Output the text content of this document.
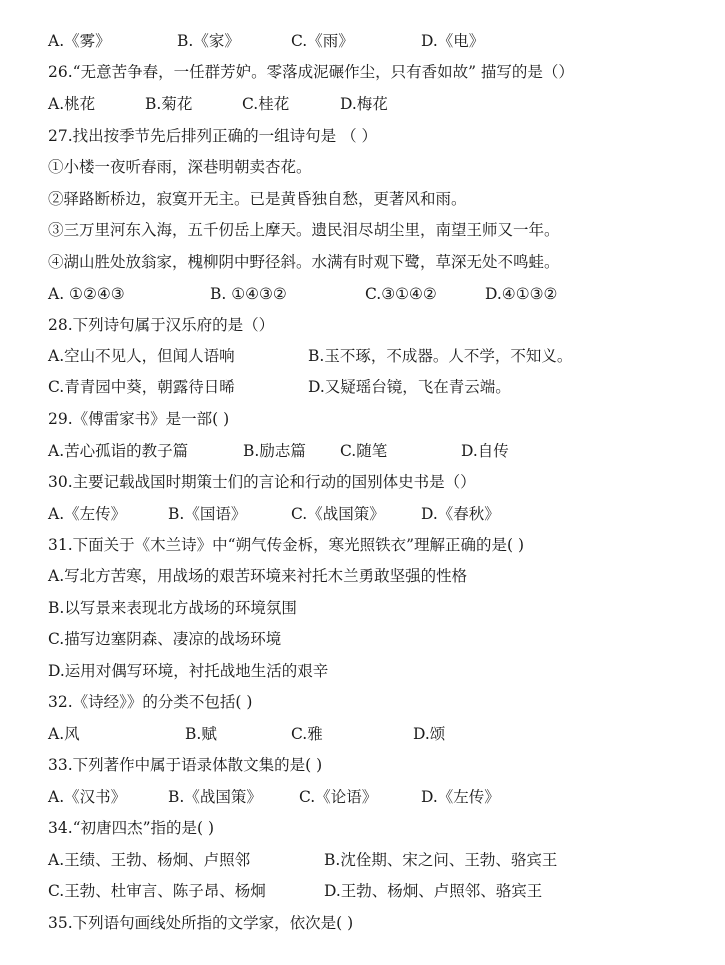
A.《雾》	B.《家》	C.《雨》	D.《电》
26.“无意苦争春，一任群芳妒。零落成泥碾作尘，只有香如故” 描写的是（）
A.桃花	B.菊花	C.桂花	D.梅花
27.找出按季节先后排列正确的一组诗句是 （ ）
①小楼一夜听春雨，深巷明朝卖杏花。
②驿路断桥边，寂寞开无主。已是黄昏独自愁，更著风和雨。
③三万里河东入海，五千仞岳上摩天。遗民泪尽胡尘里，南望王师又一年。
④湖山胜处放翁家，槐柳阴中野径斜。水满有时观下鹭，草深无处不鸣蛙。
A. ①②④③	B. ①④③②	C.③①④②	D.④①③②
28.下列诗句属于汉乐府的是（）
A.空山不见人，但闻人语响	B.玉不琢，不成器。人不学，不知义。
C.青青园中葵，朝露待日晞	D.又疑瑶台镜，飞在青云端。
29.《傅雷家书》是一部( )
A.苦心孤诣的教子篇	B.励志篇 C.随笔	D.自传
30.主要记载战国时期策士们的言论和行动的国别体史书是（）
A.《左传》	B.《国语》	C.《战国策》 D.《春秋》
31.下面关于《木兰诗》中“朔气传金柝，寒光照铁衣”理解正确的是( )
A.写北方苦寒，用战场的艰苦环境来衬托木兰勇敢坚强的性格
B.以写景来表现北方战场的环境氛围
C.描写边塞阴森、凄凉的战场环境
D.运用对偶写环境，衬托战地生活的艰辛
32.《诗经》》的分类不包括( )
A.风	B.赋	C.雅	D.颂
33.下列著作中属于语录体散文集的是( )
A.《汉书》	B.《战国策》 C.《论语》	D.《左传》
34.“初唐四杰”指的是( )
A.王绩、王勃、杨炯、卢照邻	B.沈佺期、宋之问、王勃、骆宾王
C.王勃、杜审言、陈子昂、杨炯	D.王勃、杨炯、卢照邻、骆宾王
35.下列语句画线处所指的文学家，依次是( )
